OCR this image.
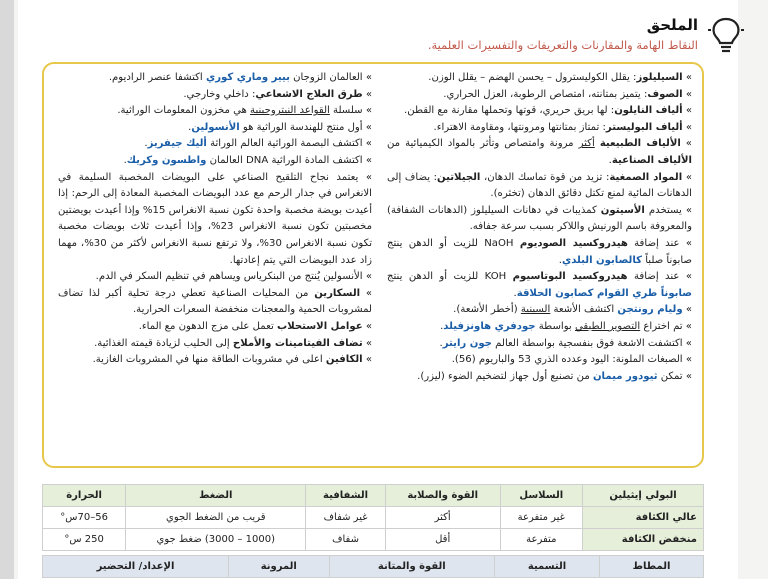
الملحق
النقاط الهامة والمقارنات والتعريفات والتفسيرات العلمية.

» السيليلوز: يقلل الكوليسترول – يحسن الهضم – يقلل الوزن.

» الصوف: يتميز بمتانته، امتصاص الرطوبة، العزل الحراري.

» ألياف النايلون: لها بريق حريري، قوتها وتحملها مقارنة مع القطن.

» ألياف البوليستر: تمتاز بمتانتها ومرونتها، ومقاومة الاهتراء.

» الألياف الطبيعية أكثر مرونة وامتصاص وتأثر بالمواد الكيميائية من الألياف الصناعية.

» المواد الصمغية: تزيد من قوة تماسك الدهان، الجيلاتين: يضاف إلى الدهانات المائية لمنع تكتل دقائق الدهان (تخثره).

» يستخدم الأسيتون كمذيبات في دهانات السيليلوز (الدهانات الشفافة) والمعروفة باسم الورنيش واللاكر بسبب سرعة جفافه.

» عند إضافة هيدروكسيد الصوديوم NaOH للزيت أو الدهن ينتج صابوناً صلباً كالصابون البلدي.

» عند إضافة هيدروكسيد البوتاسيوم KOH للزيت أو الدهن ينتج صابوناً طري القوام كصابون الحلاقة.

» وليام رونتجن اكتشف الأشعة السينية (أخطر الأشعة).

» تم اختراع التصوير الطبقي بواسطة جودفري هاونزفيلد.

» اكتشفت الاشعة فوق بنفسجية بواسطة العالم جون رايتر.

» الصبغات الملونة: اليود وعدده الذري 53 والباريوم (56).

» تمكن ثيودور ميمان من تصنيع أول جهاز لتضخيم الضوء (ليزر).

» العالمان الزوجان بيير وماري كوري اكتشفا عنصر الراديوم.

» طرق العلاج الاشعاعي: داخلي وخارجي.

» سلسلة القواعد النيتروجينية هي مخزون المعلومات الوراثية.

» أول منتج للهندسة الوراثية هو الأنسولين.

» اكتشف البصمة الوراثية العالم الوراثة أليك جيفريز.

» اكتشف المادة الوراثية DNA العالمان واطسون وكريك.

» يعتمد نجاح التلقيح الصناعي على البويضات المخصبة السليمة في الانغراس في جدار الرحم مع عدد البويضات المخصبة المعادة إلى الرحم: إذا أعيدت بويضة مخصبة واحدة تكون نسبة الانغراس 15% وإذا أعيدت بويضتين مخصبتين تكون نسبة الانغراس 23%، وإذا أعيدت ثلاث بويضات مخصبة تكون نسبة الانغراس 30%، ولا ترتفع نسبة الانغراس لأكثر من 30%، مهما زاد عدد البويضات التي يتم إعادتها.

» الأنسولين يُنتج من البنكرياس ويساهم في تنظيم السكر في الدم.

» السكارين من المحليات الصناعية تعطي درجة تحلية أكبر لذا تضاف لمشروبات الحمية والمعجنات منخفضة السعرات الحرارية.

» عوامل الاستحلاب تعمل على مزج الدهون مع الماء.

» تضاف الفيتامينات والأملاح إلى الحليب لزيادة قيمته الغذائية.

» الكافين اعلى في مشروبات الطاقة منها في المشروبات الغازية.

البولي إيثيلين	السلاسل	القوة والصلابة	الشفافية	الضغط	الحرارة
عالي الكثافة	غير متفرعة	أكثر	غير شفاف	قريب من الضغط الجوي	56–70س°
منخفض الكثافة	متفرعة	أقل	شفاف	(1000 – 3000) ضغط جوي	250 س°
المطاط	التسمية	القوة والمتانة	المرونة	الإعداد/ التحضير
